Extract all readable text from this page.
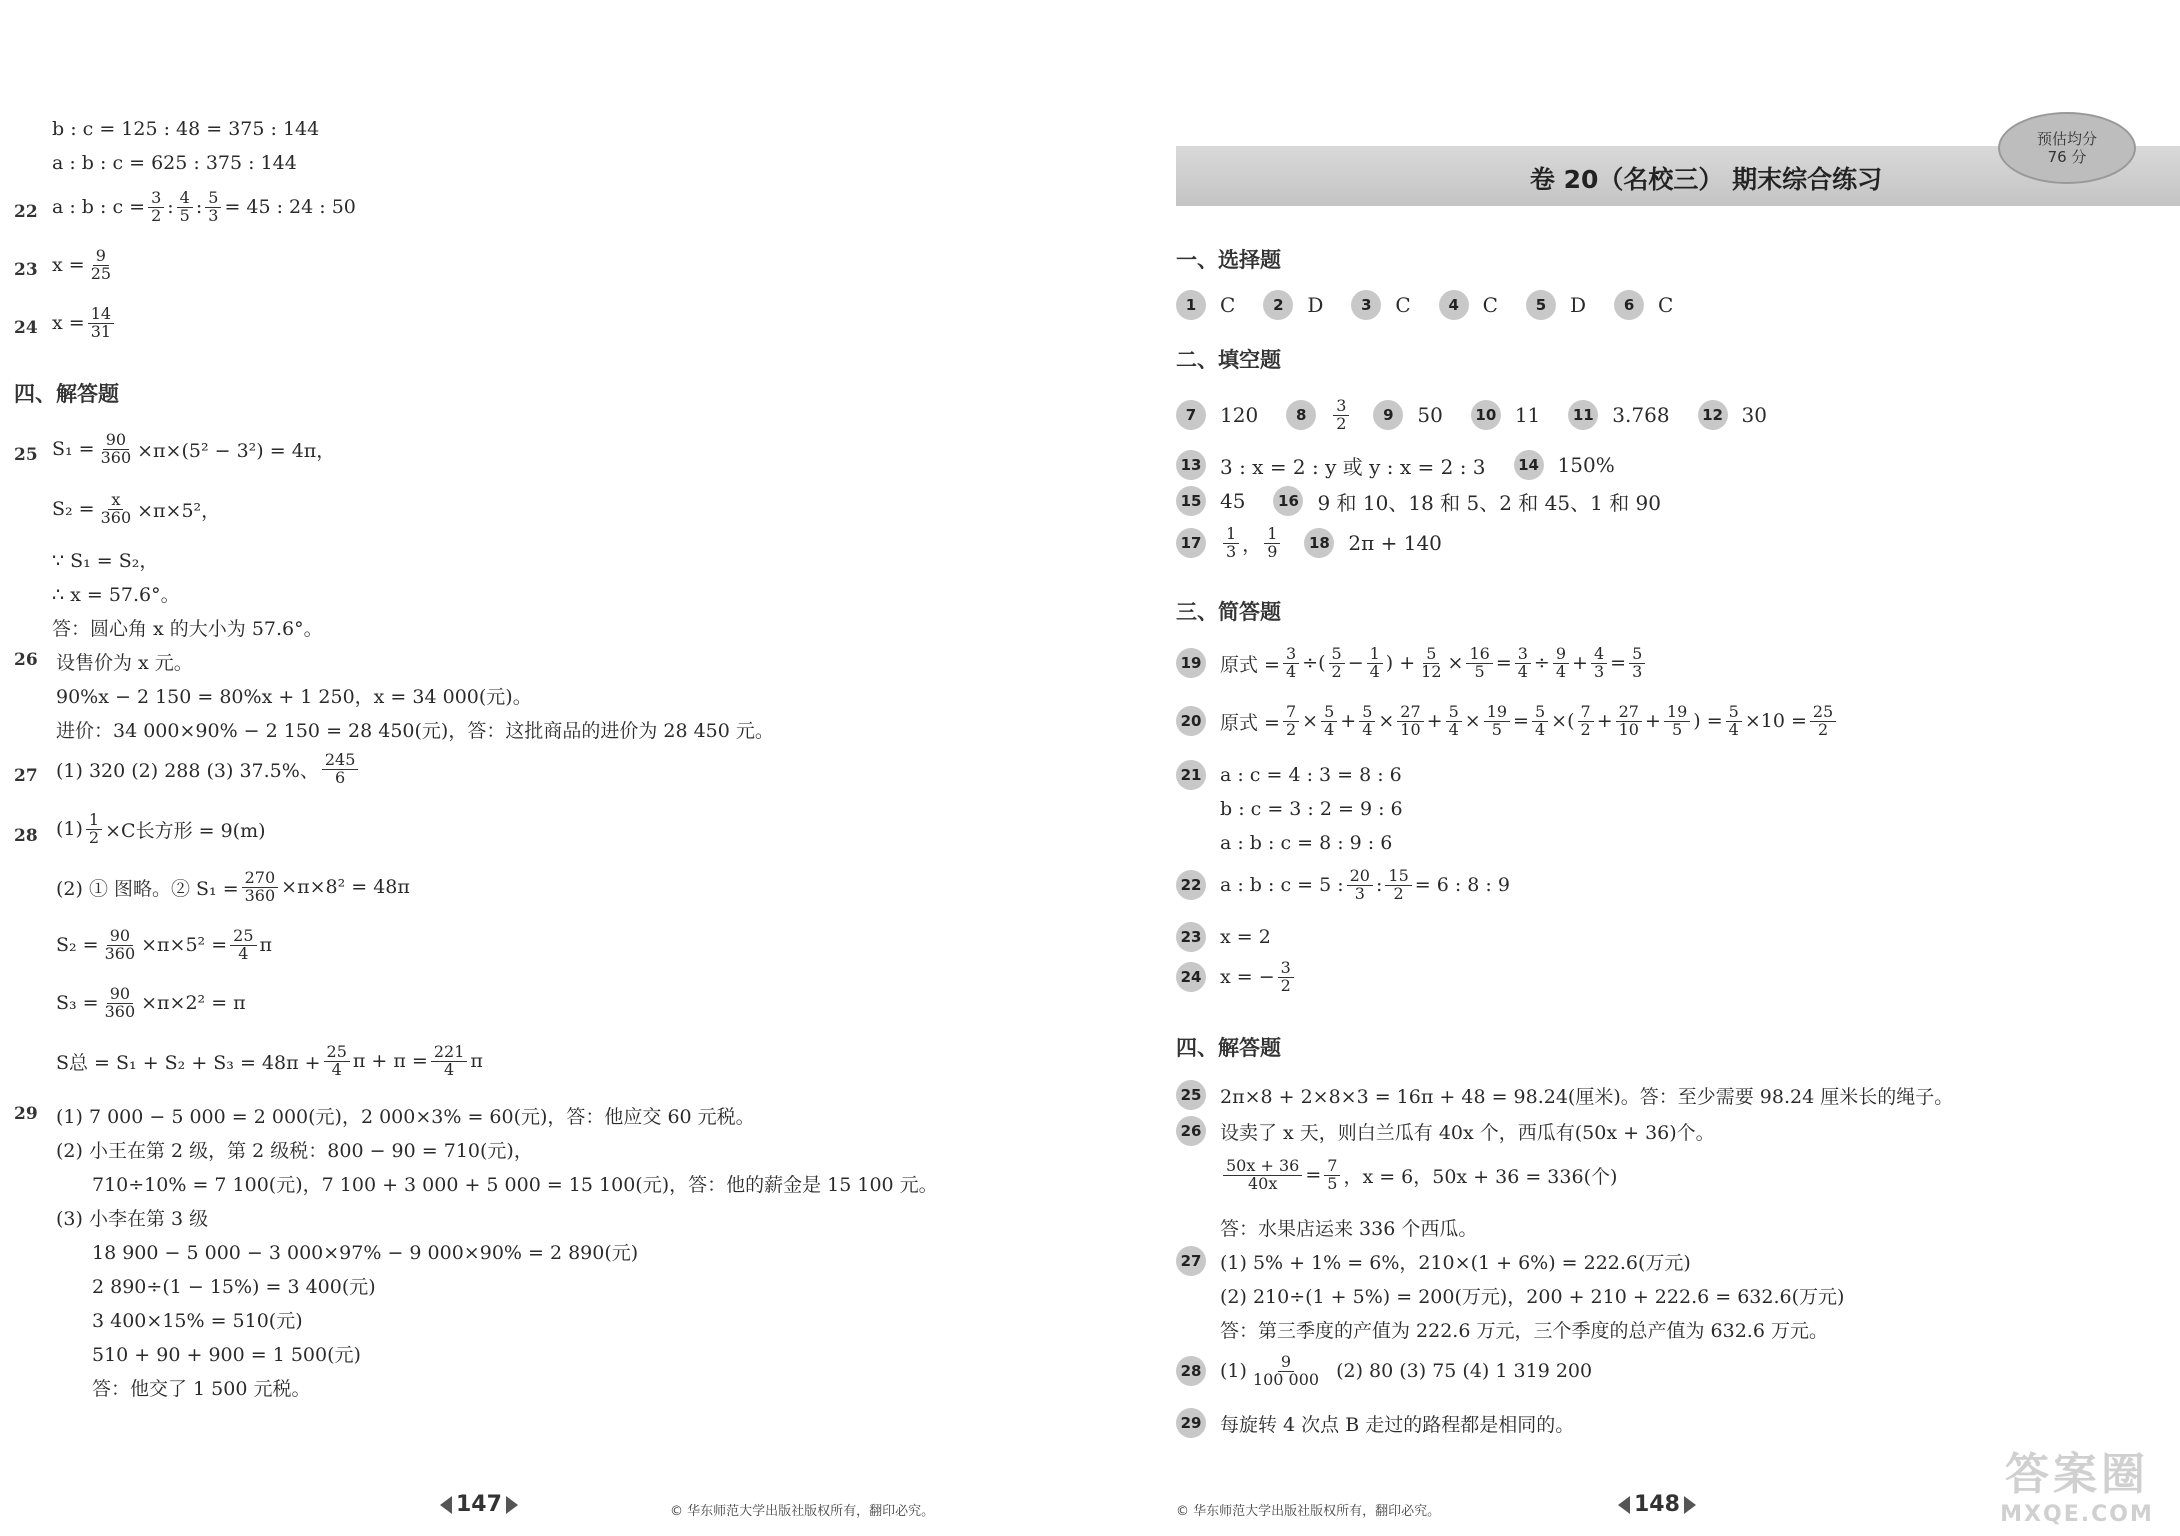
b : c = 125 : 48 = 375 : 144
a : b : c = 625 : 375 : 144
22 a : b : $c = \frac{3}{2}$ : $\frac{4}{5}$ : $\frac{5}{3} = 45$ : 24 : 50
23 $x = \frac{9}{25}$
24 $x = \frac{14}{31}$
四、解答题
25 $S_1 = \frac{90}{360} \times\pi\times(5^2 - 3^2) = 4\pi$，
$S_2 = \frac{x}{360} \times\pi\times 5^2$，
∵ S₁ = S₂，
∴ x = 57.6°。
答：圆心角 x 的大小为 57.6°。
26 设售价为 x 元。
90%x − 2 150 = 80%x + 1 250，x = 34 000(元)。
进价：34 000×90% − 2 150 = 28 450(元)，答：这批商品的进价为 28 450 元。
27 (1) 320 (2) 288 (3) 37.5%、 $\frac{245}{6}$
28 $(1) \frac{1}{2} \times C$长方形 = 9(m)
(2) ① 图略。② $S_1 = \frac{270}{360} \times\pi\times 8^2 = 48\pi$
$S_2 = \frac{90}{360} \times\pi\times 5^2 = \frac{25}{4}$ π
$S_3 = \frac{90}{360} \times\pi\times 2^2 = \pi$
S总 = $S_1 + S_2 + S_3 = 48\pi + \frac{25}{4}$ $\pi + \pi = \frac{221}{4}$ π
29 (1) 7 000 − 5 000 = 2 000(元)，2 000×3% = 60(元)，答：他应交 60 元税。
(2) 小王在第 2 级，第 2 级税：800 − 90 = 710(元)，
710÷10% = 7 100(元)，7 100 + 3 000 + 5 000 = 15 100(元)，答：他的薪金是 15 100 元。
(3) 小李在第 3 级
18 900 − 5 000 − 3 000×97% − 9 000×90% = 2 890(元)
2 890÷(1 − 15%) = 3 400(元)
3 400×15% = 510(元)
510 + 90 + 900 = 1 500(元)
答：他交了 1 500 元税。
147	© 华东师范大学出版社版权所有，翻印必究。
卷 20（名校三） 期末综合练习
预估均分
76 分
一、选择题
1	C	2	D	3	C	4	C	5	D	6	C
二、填空题
7	120	8	$\frac{3}{2}$	9	50	10 11	11 3.768	12 30
13 3 : x = 2 : y 或 y : x = 2 : 3	14 150%
15 45	16 9 和 10、18 和 5、2 和 45、1 和 90
$17 \frac{1}{3}$ ， $\frac{1}{9}$	18 2π + 140
三、简答题
19 原式 = $\frac{3}{4}$ ÷( $\frac{5}{2} - \frac{1}{4}$ ) + $\frac{5}{12} \times \frac{16}{5} = \frac{3}{4} \div \frac{9}{4} + \frac{4}{3} = \frac{5}{3}$
20 原式 = $\frac{7}{2} \times \frac{5}{4} + \frac{5}{4} \times \frac{27}{10} + \frac{5}{4} \times \frac{19}{5} = \frac{5}{4}$ ×( $\frac{7}{2} + \frac{27}{10} + \frac{19}{5}$ ) = $\frac{5}{4} \times 10 = \frac{25}{2}$
21 a : c = 4 : 3 = 8 : 6
b : c = 3 : 2 = 9 : 6
a : b : c = 8 : 9 : 6
22 a : b : c = 5 : $\frac{20}{3}$ : $\frac{15}{2} = 6$ : 8 : 9
23 x = 2
24 x = − $\frac{3}{2}$
四、解答题
25 2π×8 + 2×8×3 = 16π + 48 = 98.24(厘米)。答：至少需要 98.24 厘米长的绳子。
26 设卖了 x 天，则白兰瓜有 40x 个，西瓜有(50x + 36)个。
$\frac{50x + 36}{40x} = \frac{7}{5}$ ，x = 6，50x + 36 = 336(个)
答：水果店运来 336 个西瓜。
27 (1) 5% + 1% = 6%，210×(1 + 6%) = 222.6(万元)
(2) 210÷(1 + 5%) = 200(万元)，200 + 210 + 222.6 = 632.6(万元)
答：第三季度的产值为 222.6 万元，三个季度的总产值为 632.6 万元。
28 $(1) \frac{9}{100 000} (2)$ 80 (3) 75 (4) 1 319 200
29 每旋转 4 次点 B 走过的路程都是相同的。
© 华东师范大学出版社版权所有，翻印必究。	148
答案圈
MXQE.COM
